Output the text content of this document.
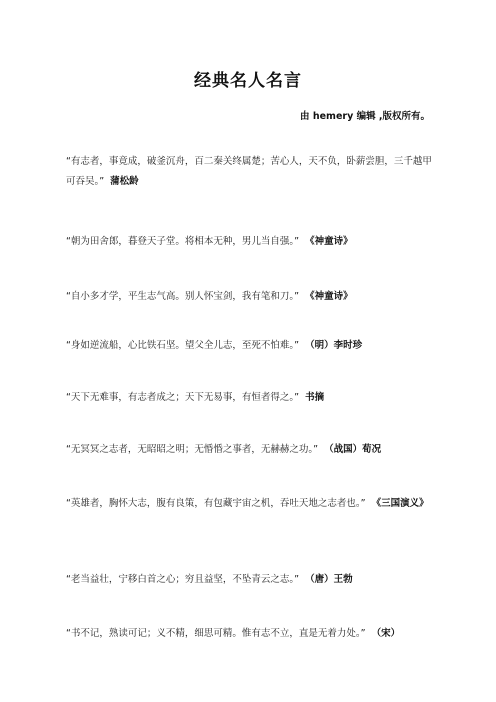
经典名人名言
由 hemery 编辑 ,版权所有。

“有志者，事竟成，破釜沉舟，百二秦关终属楚；苦心人，天不负，卧薪尝胆，三千越甲可吞吴。” 蒲松龄

“朝为田舍郎，暮登天子堂。将相本无种，男儿当自强。” 《神童诗》

“自小多才学，平生志气高。别人怀宝剑，我有笔和刀。” 《神童诗》

“身如逆流船，心比铁石坚。望父全儿志，至死不怕难。” （明）李时珍

“天下无难事，有志者成之；天下无易事，有恒者得之。” 书摘

“无冥冥之志者，无昭昭之明；无惛惛之事者，无赫赫之功。” （战国）荀况

“英雄者，胸怀大志，腹有良策，有包藏宇宙之机，吞吐天地之志者也。” 《三国演义》

“老当益壮，宁移白首之心；穷且益坚，不坠青云之志。” （唐）王勃

“书不记，熟读可记；义不精，细思可精。惟有志不立，直是无着力处。” （宋）
